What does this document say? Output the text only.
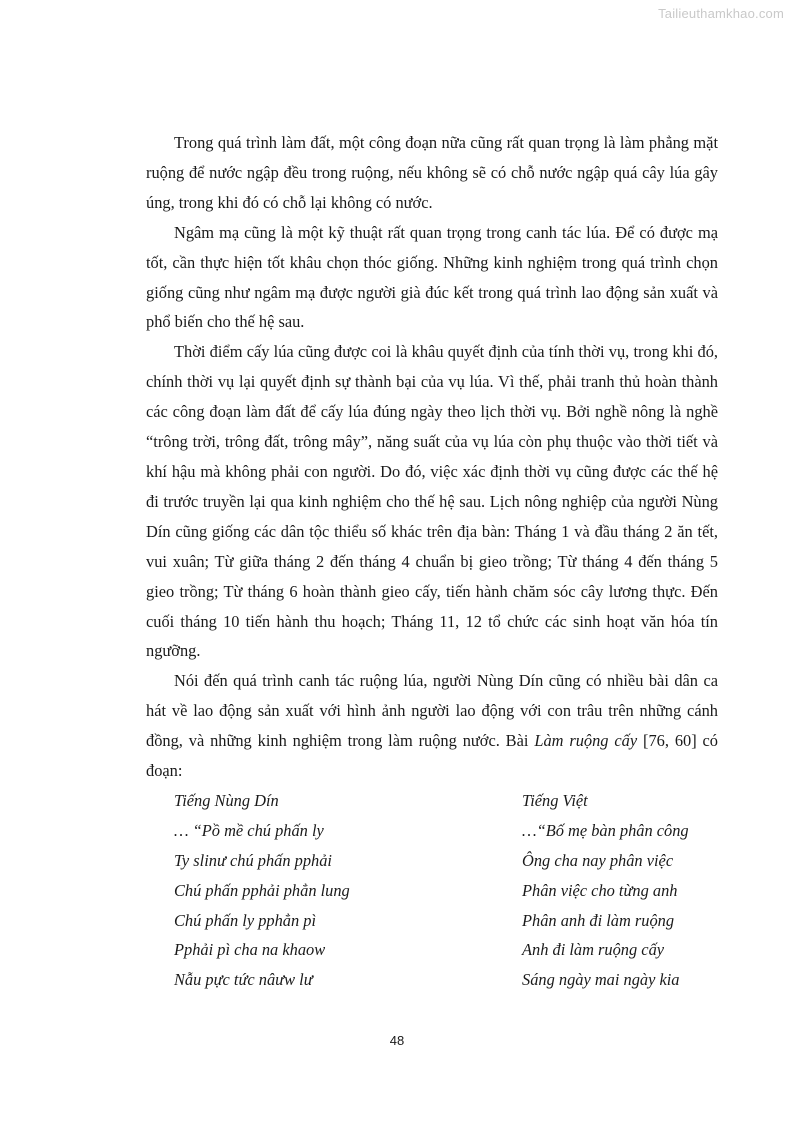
Tailieuthamkhao.com

Trong quá trình làm đất, một công đoạn nữa cũng rất quan trọng là làm phẳng mặt ruộng để nước ngập đều trong ruộng, nếu không sẽ có chỗ nước ngập quá cây lúa gây úng, trong khi đó có chỗ lại không có nước.

Ngâm mạ cũng là một kỹ thuật rất quan trọng trong canh tác lúa. Để có được mạ tốt, cần thực hiện tốt khâu chọn thóc giống. Những kinh nghiệm trong quá trình chọn giống cũng như ngâm mạ được người già đúc kết trong quá trình lao động sản xuất và phổ biến cho thế hệ sau.

Thời điểm cấy lúa cũng được coi là khâu quyết định của tính thời vụ, trong khi đó, chính thời vụ lại quyết định sự thành bại của vụ lúa. Vì thế, phải tranh thủ hoàn thành các công đoạn làm đất để cấy lúa đúng ngày theo lịch thời vụ. Bởi nghề nông là nghề “trông trời, trông đất, trông mây”, năng suất của vụ lúa còn phụ thuộc vào thời tiết và khí hậu mà không phải con người. Do đó, việc xác định thời vụ cũng được các thế hệ đi trước truyền lại qua kinh nghiệm cho thế hệ sau. Lịch nông nghiệp của người Nùng Dín cũng giống các dân tộc thiểu số khác trên địa bàn: Tháng 1 và đầu tháng 2 ăn tết, vui xuân; Từ giữa tháng 2 đến tháng 4 chuẩn bị gieo trồng; Từ tháng 4 đến tháng 5 gieo trồng; Từ tháng 6 hoàn thành gieo cấy, tiến hành chăm sóc cây lương thực. Đến cuối tháng 10 tiến hành thu hoạch; Tháng 11, 12 tổ chức các sinh hoạt văn hóa tín ngưỡng.

Nói đến quá trình canh tác ruộng lúa, người Nùng Dín cũng có nhiều bài dân ca hát về lao động sản xuất với hình ảnh người lao động với con trâu trên những cánh đồng, và những kinh nghiệm trong làm ruộng nước. Bài Làm ruộng cấy [76, 60] có đoạn:

Tiếng Nùng Dín	Tiếng Việt
… “Pồ mề chú phấn ly	…“Bố mẹ bàn phân công
Ty slinư chú phấn pphải	Ông cha nay phân việc
Chú phấn pphải phẳn lung	Phân việc cho từng anh
Chú phấn ly pphẳn pì	Phân anh đi làm ruộng
Pphải pì cha na khaow	Anh đi làm ruộng cấy
Nẫu pực tức nâưw lư	Sáng ngày mai ngày kia
48
